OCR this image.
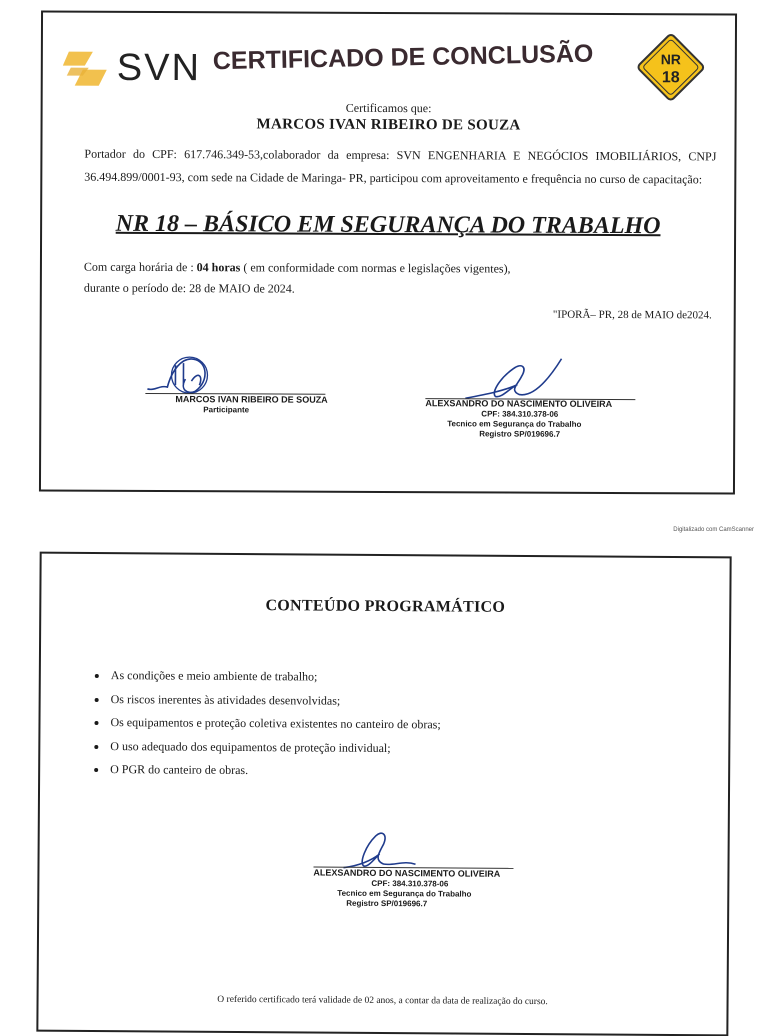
SVN CERTIFICADO DE CONCLUSÃO	NR
18
Certificamos que:
MARCOS IVAN RIBEIRO DE SOUZA
Portador do CPF: 617.746.349-53,colaborador da empresa: SVN ENGENHARIA E NEGÓCIOS IMOBILIÁRIOS, CNPJ 36.494.899/0001-93, com sede na Cidade de Maringa- PR, participou com aproveitamento e frequência no curso de capacitação:
NR 18 – BÁSICO EM SEGURANÇA DO TRABALHO
Com carga horária de : 04 horas ( em conformidade com normas e legislações vigentes),
durante o período de: 28 de MAIO de 2024.
"IPORÃ– PR, 28 de MAIO de2024.
MARCOS IVAN RIBEIRO DE SOUZA
Participante
ALEXSANDRO DO NASCIMENTO OLIVEIRA
CPF: 384.310.378-06
Tecnico em Segurança do Trabalho
Registro SP/019696.7
Digitalizado com CamScanner
CONTEÚDO PROGRAMÁTICO
• As condições e meio ambiente de trabalho;
• Os riscos inerentes às atividades desenvolvidas;
• Os equipamentos e proteção coletiva existentes no canteiro de obras;
• O uso adequado dos equipamentos de proteção individual;
• O PGR do canteiro de obras.
ALEXSANDRO DO NASCIMENTO OLIVEIRA
CPF: 384.310.378-06
Tecnico em Segurança do Trabalho
Registro SP/019696.7
O referido certificado terá validade de 02 anos, a contar da data de realização do curso.
